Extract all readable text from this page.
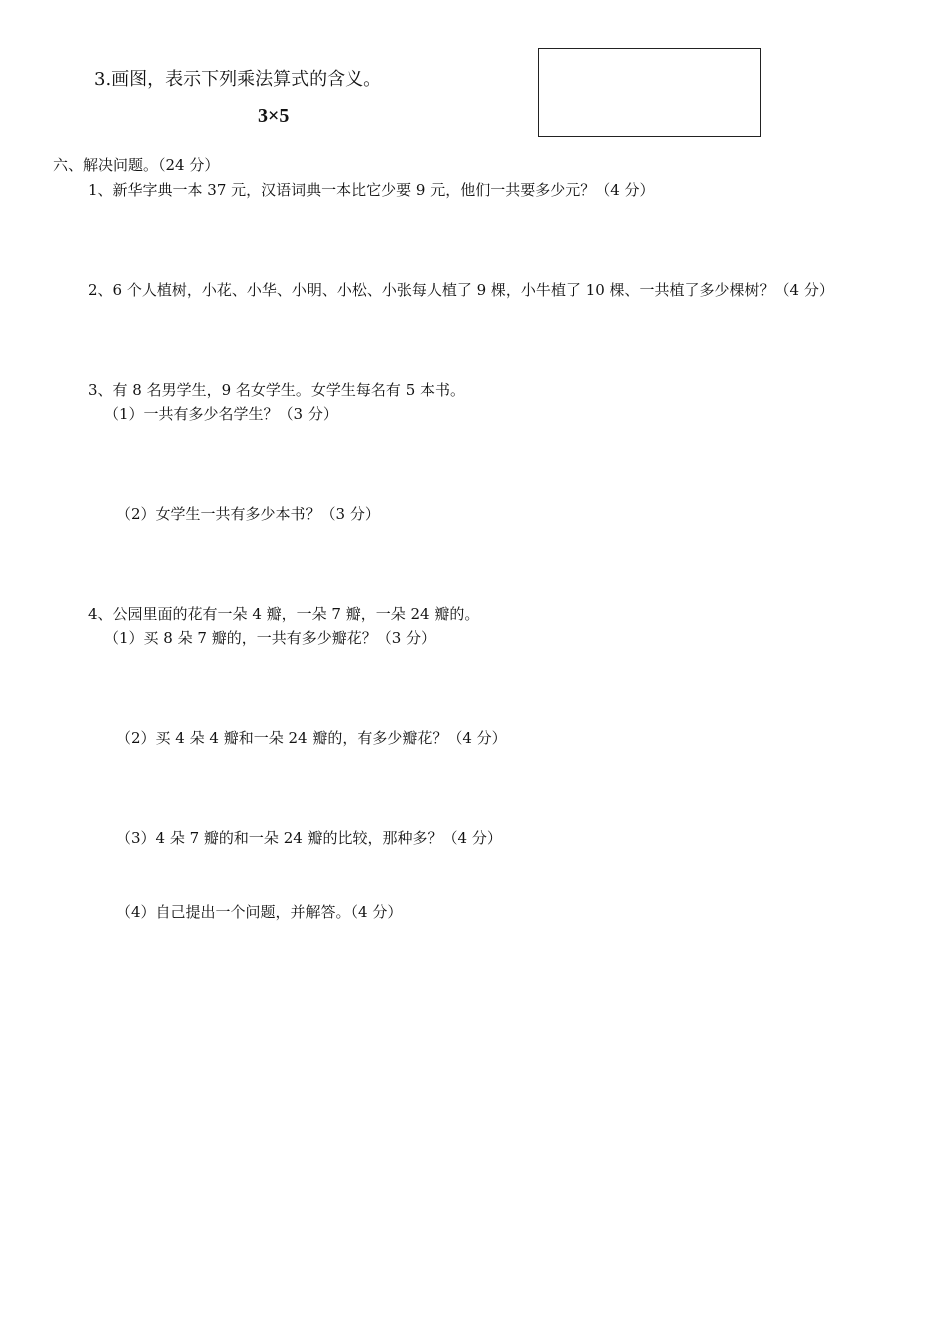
3.画图，表示下列乘法算式的含义。
3×5
六、解决问题。（24 分）
1、新华字典一本 37 元，汉语词典一本比它少要 9 元，他们一共要多少元？（4 分）
2、6 个人植树，小花、小华、小明、小松、小张每人植了 9 棵，小牛植了 10 棵、一共植了多少棵树？（4 分）
3、有 8 名男学生，9 名女学生。女学生每名有 5 本书。
（1）一共有多少名学生？（3 分）
（2）女学生一共有多少本书？（3 分）
4、公园里面的花有一朵 4 瓣，一朵 7 瓣，一朵 24 瓣的。
（1）买 8 朵 7 瓣的，一共有多少瓣花？（3 分）
（2）买 4 朵 4 瓣和一朵 24 瓣的，有多少瓣花？（4 分）
（3）4 朵 7 瓣的和一朵 24 瓣的比较，那种多？（4 分）
（4）自己提出一个问题，并解答。（4 分）
